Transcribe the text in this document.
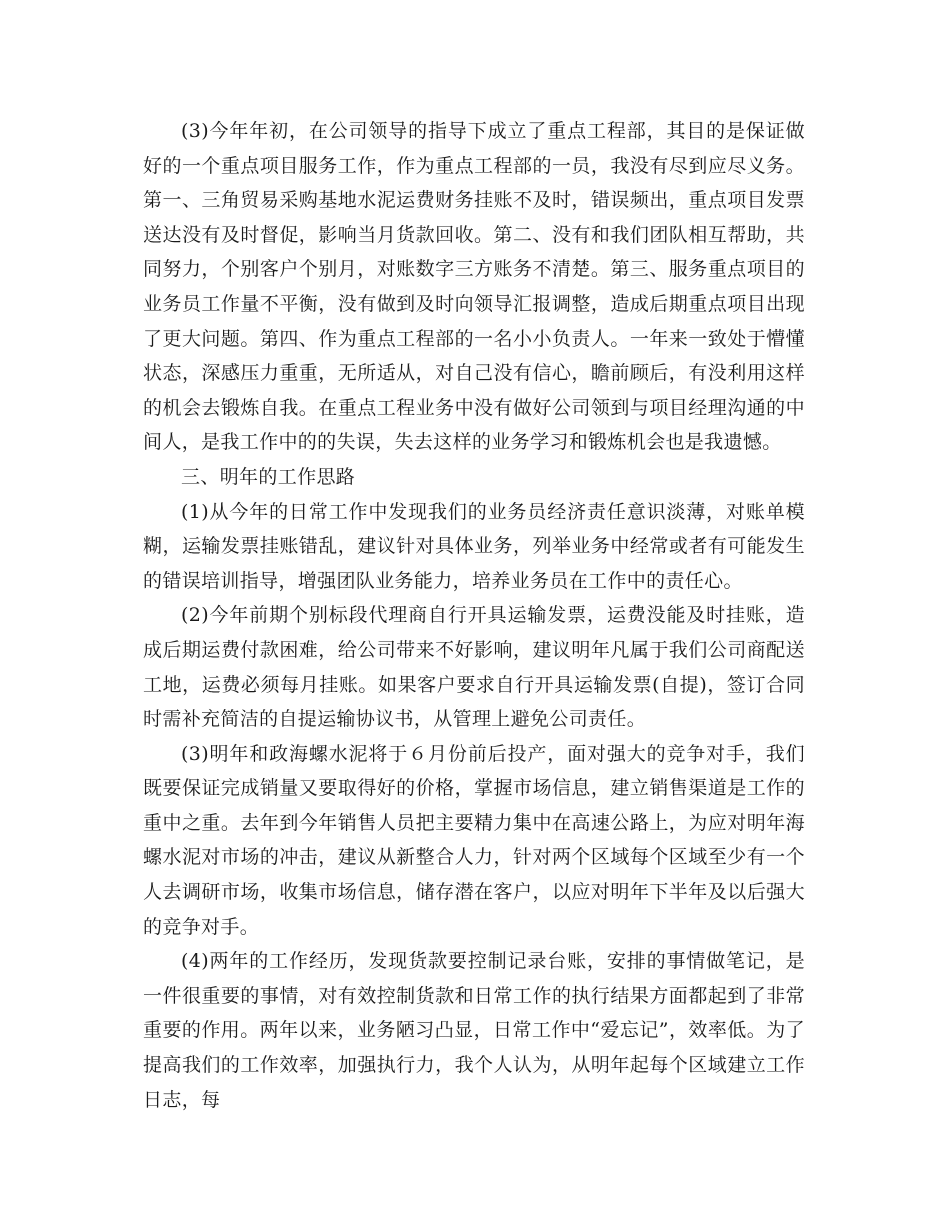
(3)今年年初，在公司领导的指导下成立了重点工程部，其目的是保证做好的一个重点项目服务工作，作为重点工程部的一员，我没有尽到应尽义务。第一、三角贸易采购基地水泥运费财务挂账不及时，错误频出，重点项目发票送达没有及时督促，影响当月货款回收。第二、没有和我们团队相互帮助，共同努力，个别客户个别月，对账数字三方账务不清楚。第三、服务重点项目的业务员工作量不平衡，没有做到及时向领导汇报调整，造成后期重点项目出现了更大问题。第四、作为重点工程部的一名小小负责人。一年来一致处于懵懂状态，深感压力重重，无所适从，对自己没有信心，瞻前顾后，有没利用这样的机会去锻炼自我。在重点工程业务中没有做好公司领到与项目经理沟通的中间人，是我工作中的的失误，失去这样的业务学习和锻炼机会也是我遗憾。

三、明年的工作思路

(1)从今年的日常工作中发现我们的业务员经济责任意识淡薄，对账单模糊，运输发票挂账错乱，建议针对具体业务，列举业务中经常或者有可能发生的错误培训指导，增强团队业务能力，培养业务员在工作中的责任心。

(2)今年前期个别标段代理商自行开具运输发票，运费没能及时挂账，造成后期运费付款困难，给公司带来不好影响，建议明年凡属于我们公司商配送工地，运费必须每月挂账。如果客户要求自行开具运输发票(自提)，签订合同时需补充简洁的自提运输协议书，从管理上避免公司责任。

(3)明年和政海螺水泥将于６月份前后投产，面对强大的竞争对手，我们既要保证完成销量又要取得好的价格，掌握市场信息，建立销售渠道是工作的重中之重。去年到今年销售人员把主要精力集中在高速公路上，为应对明年海螺水泥对市场的冲击，建议从新整合人力，针对两个区域每个区域至少有一个人去调研市场，收集市场信息，储存潜在客户，以应对明年下半年及以后强大的竞争对手。

(4)两年的工作经历，发现货款要控制记录台账，安排的事情做笔记，是一件很重要的事情，对有效控制货款和日常工作的执行结果方面都起到了非常重要的作用。两年以来，业务陋习凸显，日常工作中“爱忘记”，效率低。为了提高我们的工作效率，加强执行力，我个人认为，从明年起每个区域建立工作日志，每
